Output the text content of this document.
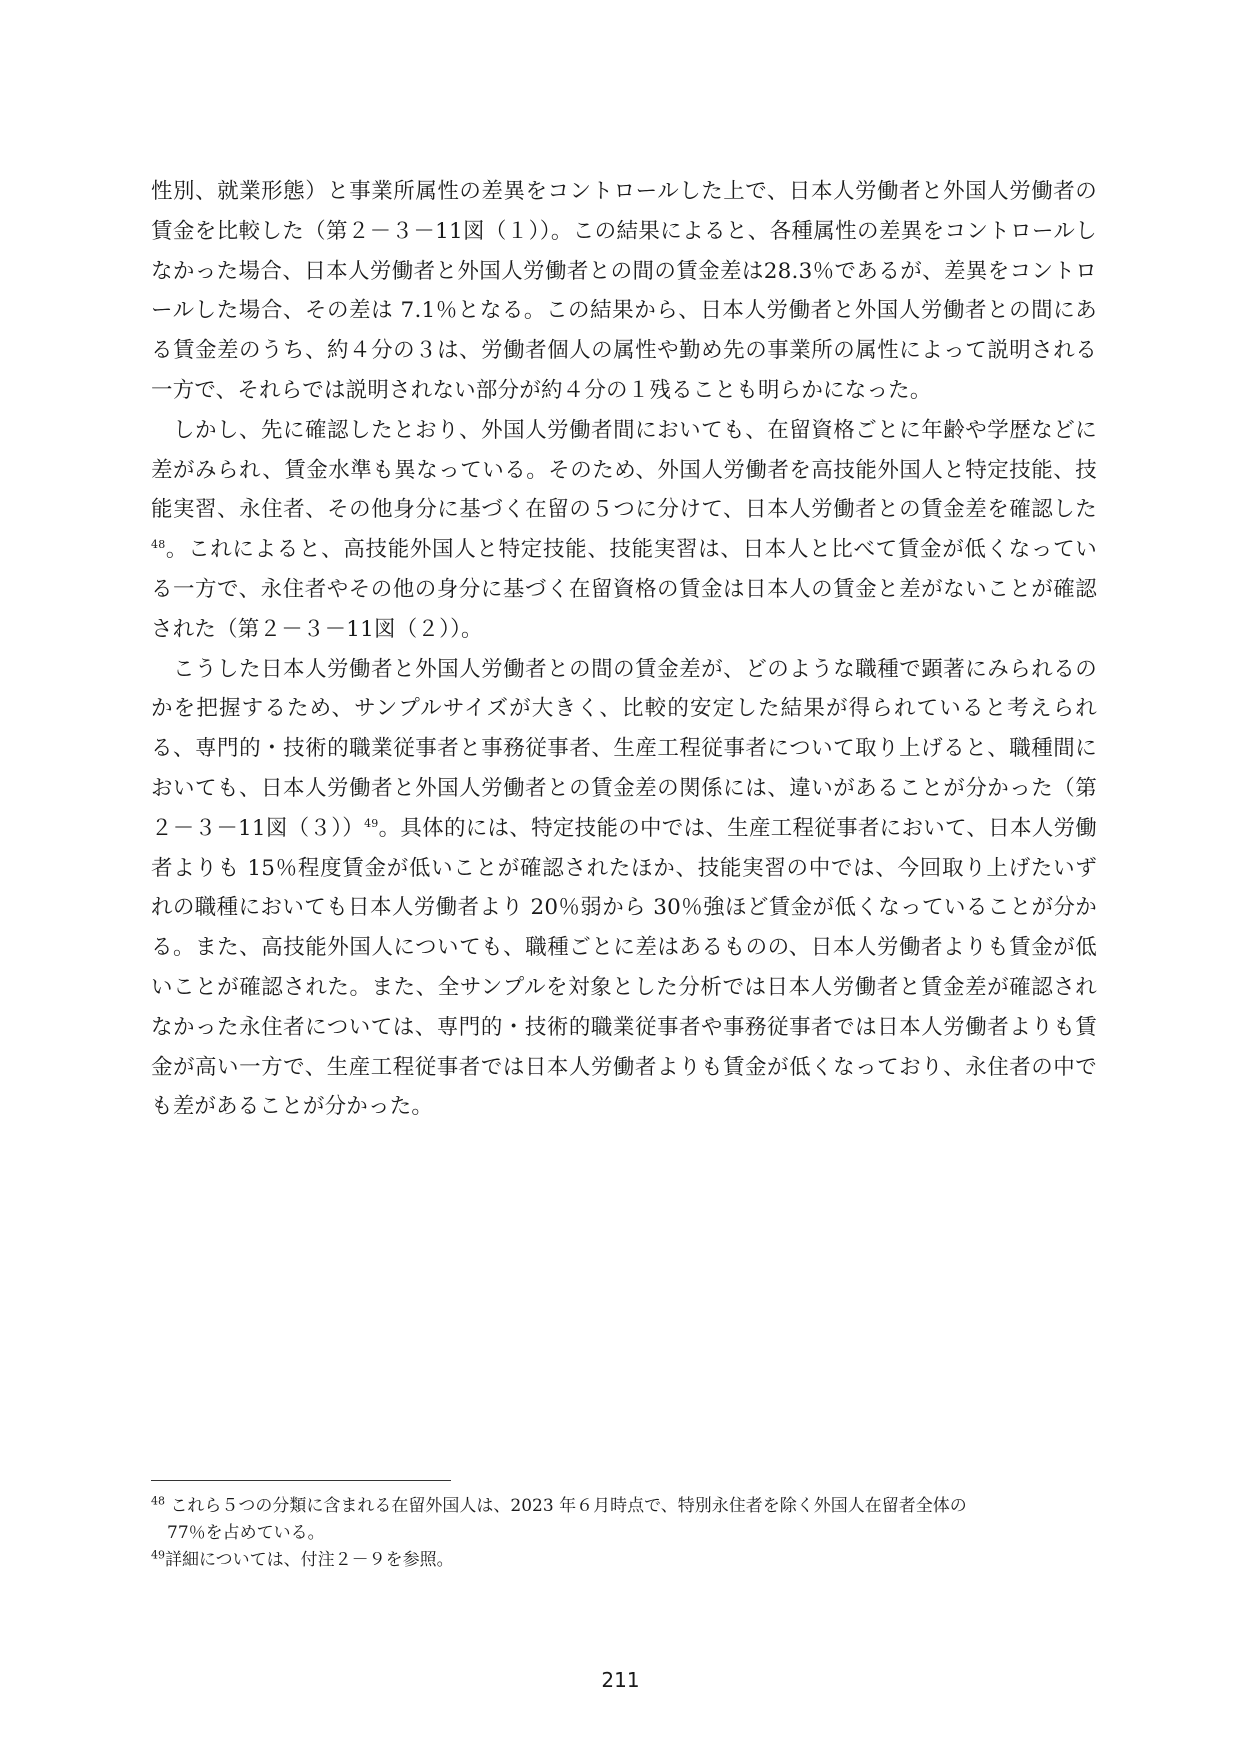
性別、就業形態）と事業所属性の差異をコントロールした上で、日本人労働者と外国人労働者の賃金を比較した（第２－３－11図（１））。この結果によると、各種属性の差異をコントロールしなかった場合、日本人労働者と外国人労働者との間の賃金差は28.3％であるが、差異をコントロールした場合、その差は 7.1％となる。この結果から、日本人労働者と外国人労働者との間にある賃金差のうち、約４分の３は、労働者個人の属性や勤め先の事業所の属性によって説明される一方で、それらでは説明されない部分が約４分の１残ることも明らかになった。

しかし、先に確認したとおり、外国人労働者間においても、在留資格ごとに年齢や学歴などに差がみられ、賃金水準も異なっている。そのため、外国人労働者を高技能外国人と特定技能、技能実習、永住者、その他身分に基づく在留の５つに分けて、日本人労働者との賃金差を確認した$^{48}$。これによると、高技能外国人と特定技能、技能実習は、日本人と比べて賃金が低くなっている一方で、永住者やその他の身分に基づく在留資格の賃金は日本人の賃金と差がないことが確認された（第２－３－11図（２））。

こうした日本人労働者と外国人労働者との間の賃金差が、どのような職種で顕著にみられるのかを把握するため、サンプルサイズが大きく、比較的安定した結果が得られていると考えられる、専門的・技術的職業従事者と事務従事者、生産工程従事者について取り上げると、職種間においても、日本人労働者と外国人労働者との賃金差の関係には、違いがあることが分かった（第２－３－11図（３））$^{49}$。具体的には、特定技能の中では、生産工程従事者において、日本人労働者よりも 15％程度賃金が低いことが確認されたほか、技能実習の中では、今回取り上げたいずれの職種においても日本人労働者より 20％弱から 30％強ほど賃金が低くなっていることが分かる。また、高技能外国人についても、職種ごとに差はあるものの、日本人労働者よりも賃金が低いことが確認された。また、全サンプルを対象とした分析では日本人労働者と賃金差が確認されなかった永住者については、専門的・技術的職業従事者や事務従事者では日本人労働者よりも賃金が高い一方で、生産工程従事者では日本人労働者よりも賃金が低くなっており、永住者の中でも差があることが分かった。

$^{48}$ これら５つの分類に含まれる在留外国人は、2023 年６月時点で、特別永住者を除く外国人在留者全体の
77％を占めている。

$^{49}$詳細については、付注２－９を参照。

211
